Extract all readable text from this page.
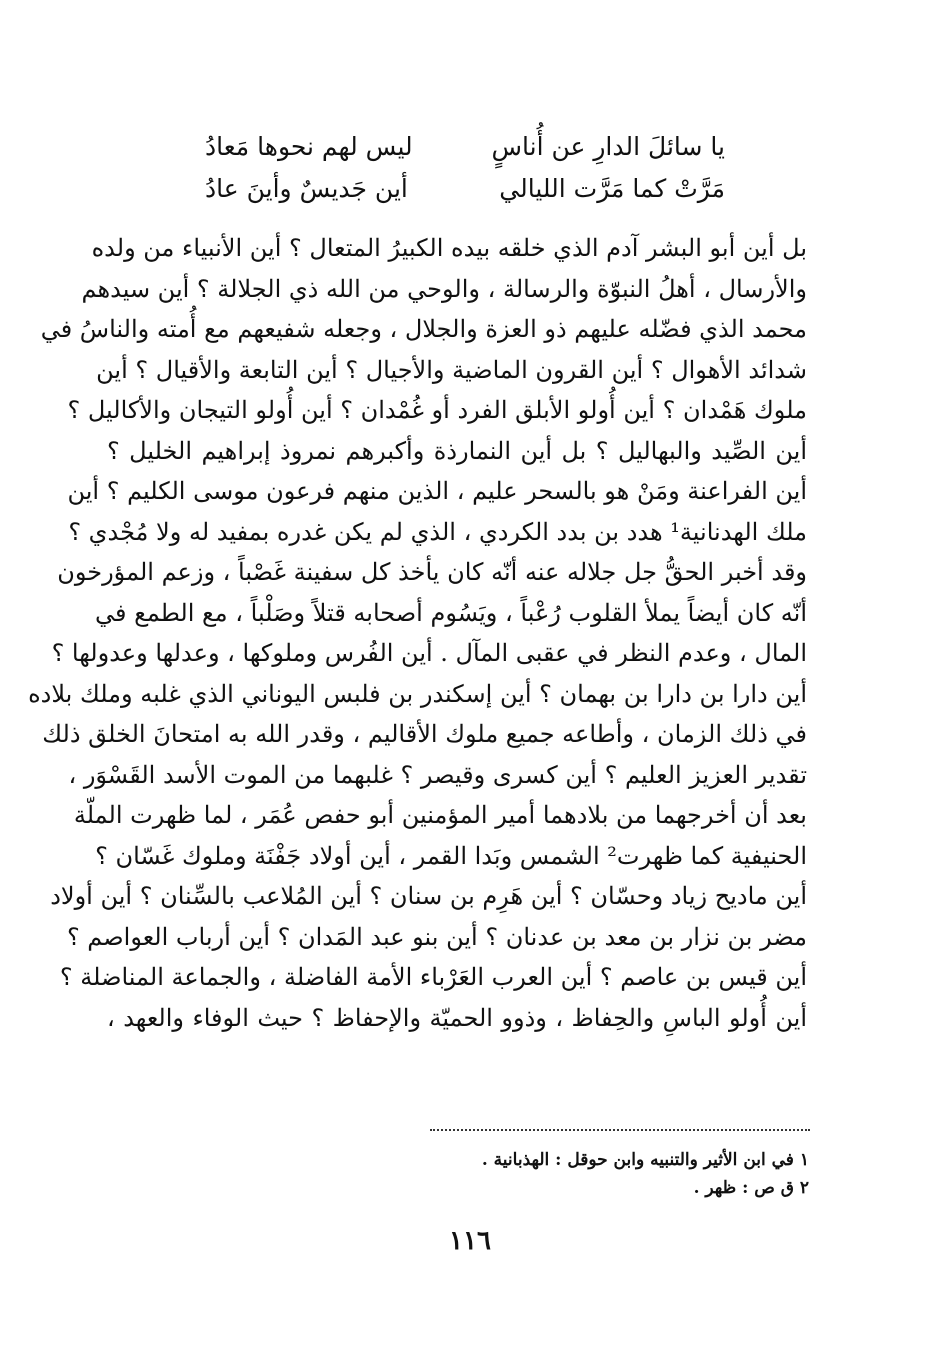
يا سائلَ الدارِ عن أُناسٍ
ليس لهم نحوها مَعادُ
مَرَّتْ كما مَرَّت الليالي
أين جَديسٌ وأينَ عادُ
بل أين أبو البشر آدم الذي خلقه بيده الكبيرُ المتعال ؟ أين الأنبياء من ولده
والأرسال ، أهلُ النبوّة والرسالة ، والوحي من الله ذي الجلالة ؟ أين سيدهم
محمد الذي فضّله عليهم ذو العزة والجلال ، وجعله شفيعهم مع أُمته والناسُ في
شدائد الأهوال ؟ أين القرون الماضية والأجيال ؟ أين التابعة والأقيال ؟ أين
ملوك هَمْدان ؟ أين أُولو الأبلق الفرد أو غُمْدان ؟ أين أُولو التيجان والأكاليل ؟
أين الصِّيد والبهاليل ؟ بل أين النمارذة وأكبرهم نمروذ إبراهيم الخليل ؟
أين الفراعنة ومَنْ هو بالسحر عليم ، الذين منهم فرعون موسى الكليم ؟ أين
ملك الهدنانية¹ هدد بن بدد الكردي ، الذي لم يكن غدره بمفيد له ولا مُجْدي ؟
وقد أخبر الحقُّ جل جلاله عنه أنّه كان يأخذ كل سفينة غَصْباً ، وزعم المؤرخون
أنّه كان أيضاً يملأ القلوب رُعْباً ، ويَسُوم أصحابه قتلاً وصَلْباً ، مع الطمع في
المال ، وعدم النظر في عقبى المآل . أين الفُرس وملوكها ، وعدلها وعدولها ؟
أين دارا بن دارا بن بهمان ؟ أين إسكندر بن فلبس اليوناني الذي غلبه وملك بلاده
في ذلك الزمان ، وأطاعه جميع ملوك الأقاليم ، وقدر الله به امتحانَ الخلق ذلك
تقدير العزيز العليم ؟ أين كسرى وقيصر ؟ غلبهما من الموت الأسد القَسْوَر ،
بعد أن أخرجهما من بلادهما أمير المؤمنين أبو حفص عُمَر ، لما ظهرت الملّة
الحنيفية كما ظهرت² الشمس وبَدا القمر ، أين أولاد جَفْنَة وملوك غَسّان ؟
أين ماديح زياد وحسّان ؟ أين هَرِم بن سنان ؟ أين المُلاعب بالسِّنان ؟ أين أولاد
مضر بن نزار بن معد بن عدنان ؟ أين بنو عبد المَدان ؟ أين أرباب العواصم ؟
أين قيس بن عاصم ؟ أين العرب العَرْباء الأمة الفاضلة ، والجماعة المناضلة ؟
أين أُولو الباسِ والحِفاظ ، وذوو الحميّة والإحفاظ ؟ حيث الوفاء والعهد ،
١ في ابن الأثير والتنبيه وابن حوقل : الهذبانية .
٢ ق ص : ظهر .
١١٦
